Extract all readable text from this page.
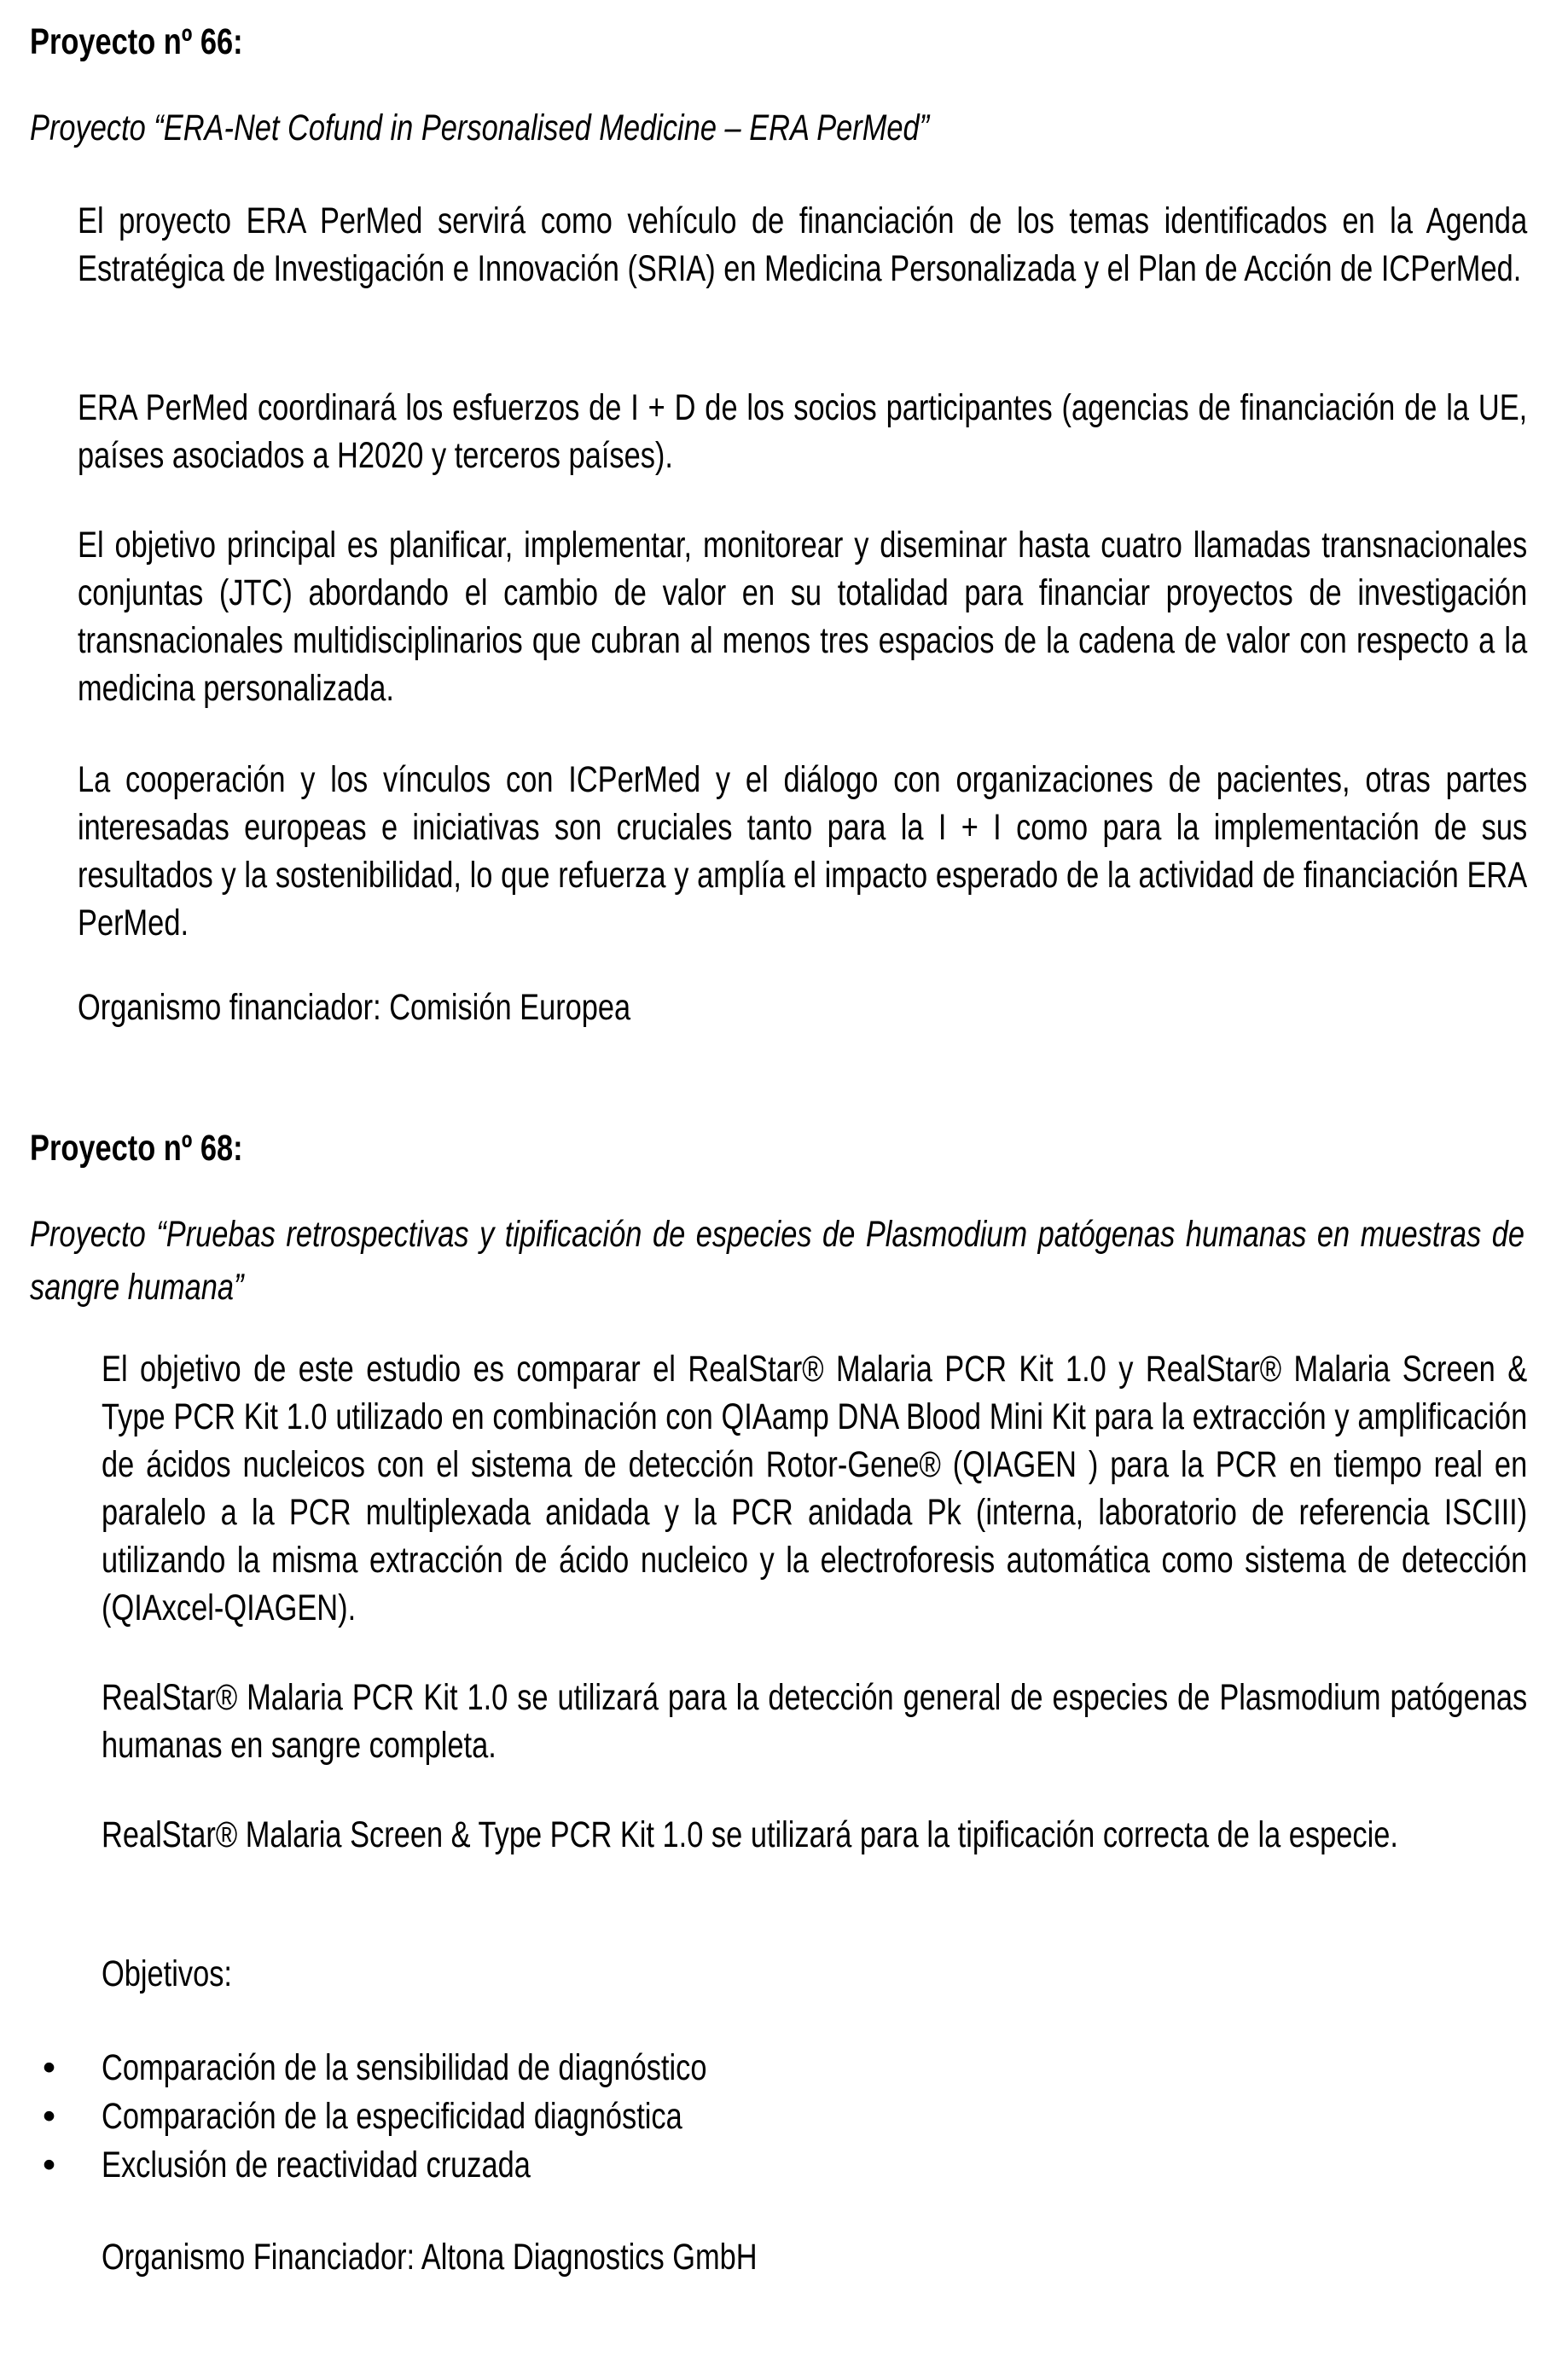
Proyecto nº 66:
Proyecto “ERA-Net Cofund in Personalised Medicine – ERA PerMed”
El proyecto ERA PerMed servirá como vehículo de financiación de los temas identificados en la Agenda Estratégica de Investigación e Innovación (SRIA) en Medicina Personalizada y el Plan de Acción de ICPerMed.
ERA PerMed coordinará los esfuerzos de I + D de los socios participantes (agencias de financiación de la UE, países asociados a H2020 y terceros países).
El objetivo principal es planificar, implementar, monitorear y diseminar hasta cuatro llamadas transnacionales conjuntas (JTC) abordando el cambio de valor en su totalidad para financiar proyectos de investigación transnacionales multidisciplinarios que cubran al menos tres espacios de la cadena de valor con respecto a la medicina personalizada.
La cooperación y los vínculos con ICPerMed y el diálogo con organizaciones de pacientes, otras partes interesadas europeas e iniciativas son cruciales tanto para la I + I como para la implementación de sus resultados y la sostenibilidad, lo que refuerza y amplía el impacto esperado de la actividad de financiación ERA PerMed.
Organismo financiador: Comisión Europea
Proyecto nº 68:
Proyecto “Pruebas retrospectivas y tipificación de especies de Plasmodium patógenas humanas en muestras de sangre humana”
El objetivo de este estudio es comparar el RealStar® Malaria PCR Kit 1.0 y RealStar® Malaria Screen & Type PCR Kit 1.0 utilizado en combinación con QIAamp DNA Blood Mini Kit para la extracción y amplificación de ácidos nucleicos con el sistema de detección Rotor-Gene® (QIAGEN ) para la PCR en tiempo real en paralelo a la PCR multiplexada anidada y la PCR anidada Pk (interna, laboratorio de referencia ISCIII) utilizando la misma extracción de ácido nucleico y la electroforesis automática como sistema de detección (QIAxcel-QIAGEN).
RealStar® Malaria PCR Kit 1.0 se utilizará para la detección general de especies de Plasmodium patógenas humanas en sangre completa.
RealStar® Malaria Screen & Type PCR Kit 1.0 se utilizará para la tipificación correcta de la especie.
Objetivos:
• Comparación de la sensibilidad de diagnóstico
• Comparación de la especificidad diagnóstica
• Exclusión de reactividad cruzada
Organismo Financiador: Altona Diagnostics GmbH
